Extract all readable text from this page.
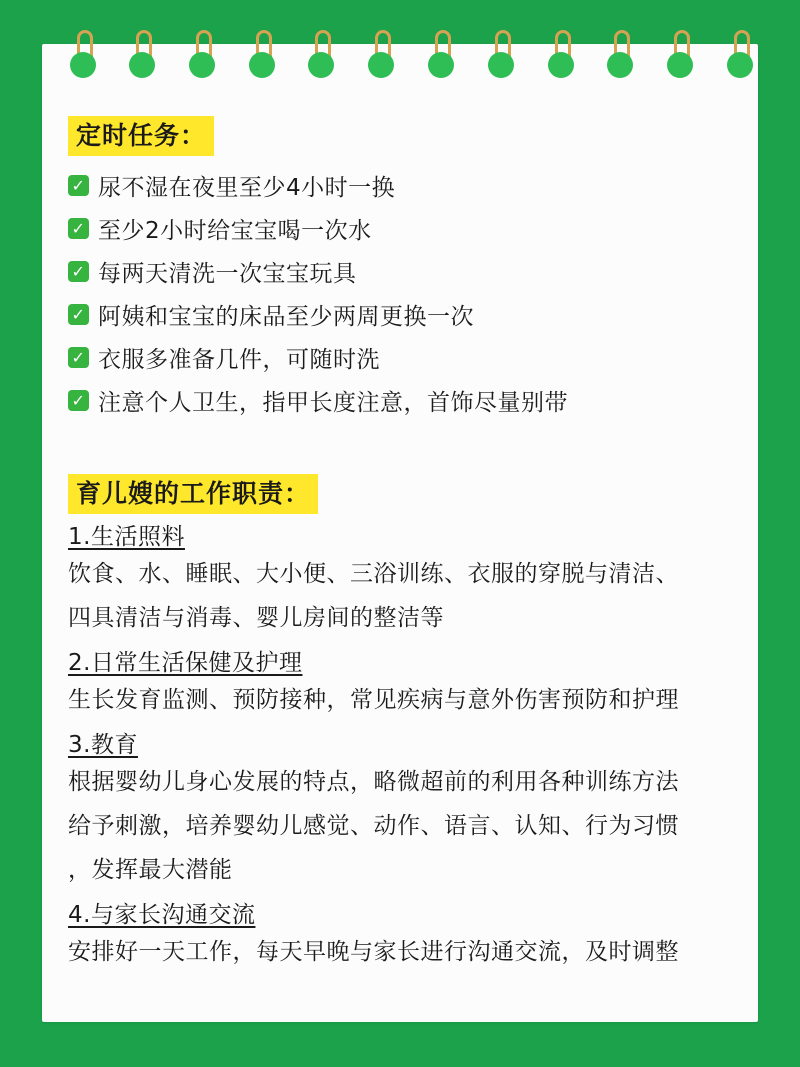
定时任务：
✓ 尿不湿在夜里至少4小时一换
✓ 至少2小时给宝宝喝一次水
✓ 每两天清洗一次宝宝玩具
✓ 阿姨和宝宝的床品至少两周更换一次
✓ 衣服多准备几件，可随时洗
✓ 注意个人卫生，指甲长度注意，首饰尽量别带
育儿嫂的工作职责：
1.生活照料
饮食、水、睡眠、大小便、三浴训练、衣服的穿脱与清洁、
四具清洁与消毒、婴儿房间的整洁等
2.日常生活保健及护理
生长发育监测、预防接种，常见疾病与意外伤害预防和护理
3.教育
根据婴幼儿身心发展的特点，略微超前的利用各种训练方法
给予刺激，培养婴幼儿感觉、动作、语言、认知、行为习惯
，发挥最大潜能
4.与家长沟通交流
安排好一天工作，每天早晚与家长进行沟通交流，及时调整
